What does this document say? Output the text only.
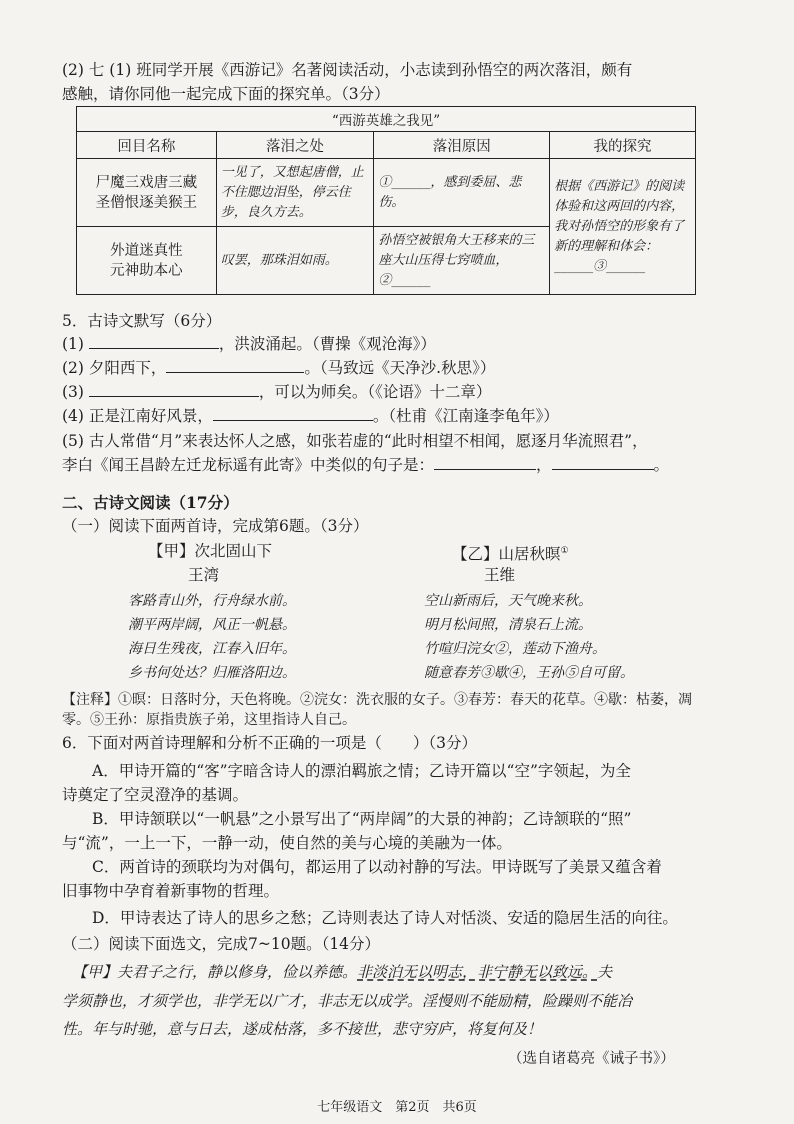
(2) 七 (1) 班同学开展《西游记》名著阅读活动，小志读到孙悟空的两次落泪，颇有
感触，请你同他一起完成下面的探究单。（3分）
“西游英雄之我见”			
回目名称	落泪之处	落泪原因	我的探究

尸魔三戏唐三藏
圣僧恨逐美猴王	一见了，又想起唐僧，止不住腮边泪坠，停云住步，良久方去。	①______，感到委屈、悲伤。	根据《西游记》的阅读体验和这两回的内容，我对孙悟空的形象有了新的理解和体会：______③______

外道迷真性
元神助本心	叹罢，那珠泪如雨。	孙悟空被银角大王移来的三座大山压得七窍喷血，②______	
5．古诗文默写（6分）
(1)	，洪波涌起。（曹操《观沧海》）
(2) 夕阳西下，	。（马致远《天净沙.秋思》）
(3)	，可以为师矣。（《论语》十二章）
(4) 正是江南好风景，	。（杜甫《江南逢李龟年》）
(5) 古人常借“月”来表达怀人之感，如张若虚的“此时相望不相闻，愿逐月华流照君”，
李白《闻王昌龄左迁龙标遥有此寄》中类似的句子是：	，	。
二、古诗文阅读（17分）
（一）阅读下面两首诗，完成第6题。（3分）
【甲】次北固山下
王湾
客路青山外，行舟绿水前。
潮平两岸阔，风正一帆悬。
海日生残夜，江春入旧年。
乡书何处达？归雁洛阳边。
【乙】山居秋暝①
王维
空山新雨后，天气晚来秋。
明月松间照，清泉石上流。
竹喧归浣女②，莲动下渔舟。
随意春芳③歇④，王孙⑤自可留。
【注释】①暝：日落时分，天色将晚。②浣女：洗衣服的女子。③春芳：春天的花草。④歇：枯萎，凋
零。⑤王孙：原指贵族子弟，这里指诗人自己。
6．下面对两首诗理解和分析不正确的一项是（　　）（3分）
A．甲诗开篇的“客”字暗含诗人的漂泊羁旅之情；乙诗开篇以“空”字领起，为全
诗奠定了空灵澄净的基调。
B．甲诗颔联以“一帆悬”之小景写出了“两岸阔”的大景的神韵；乙诗颔联的“照”
与“流”，一上一下，一静一动，使自然的美与心境的美融为一体。
C．两首诗的颈联均为对偶句，都运用了以动衬静的写法。甲诗既写了美景又蕴含着
旧事物中孕育着新事物的哲理。
D．甲诗表达了诗人的思乡之愁；乙诗则表达了诗人对恬淡、安适的隐居生活的向往。
（二）阅读下面选文，完成7~10题。（14分）
【甲】夫君子之行，静以修身，俭以养德。非淡泊无以明志，非宁静无以致远。夫
学须静也，才须学也，非学无以广才，非志无以成学。淫慢则不能励精，险躁则不能冶
性。年与时驰，意与日去，遂成枯落，多不接世，悲守穷庐，将复何及！
（选自诸葛亮《诫子书》）
七年级语文　第2页　共6页
